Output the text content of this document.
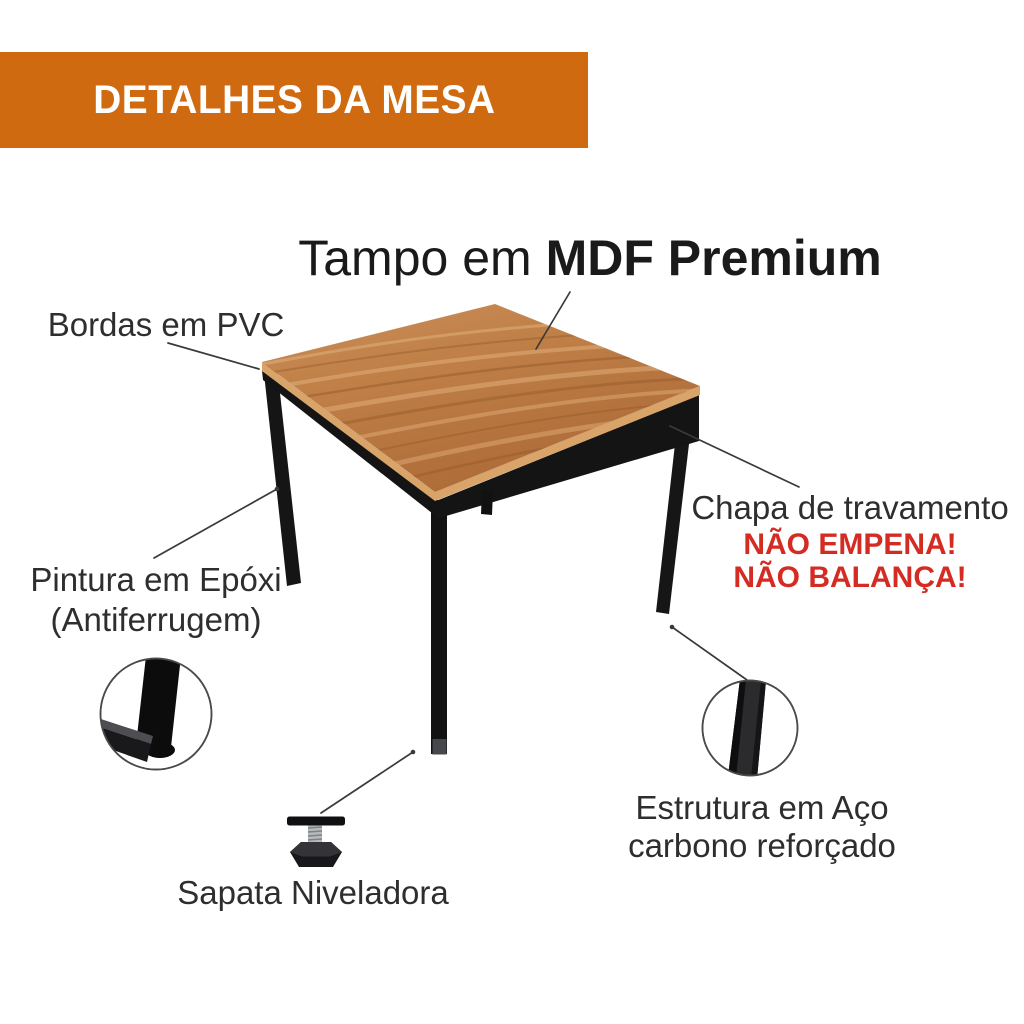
DETALHES DA MESA
Tampo em MDF Premium
Bordas em PVC
Chapa de travamento
NÃO EMPENA!
NÃO BALANÇA!
Pintura em Epóxi
(Antiferrugem)
Estrutura em Aço
carbono reforçado
Sapata Niveladora
